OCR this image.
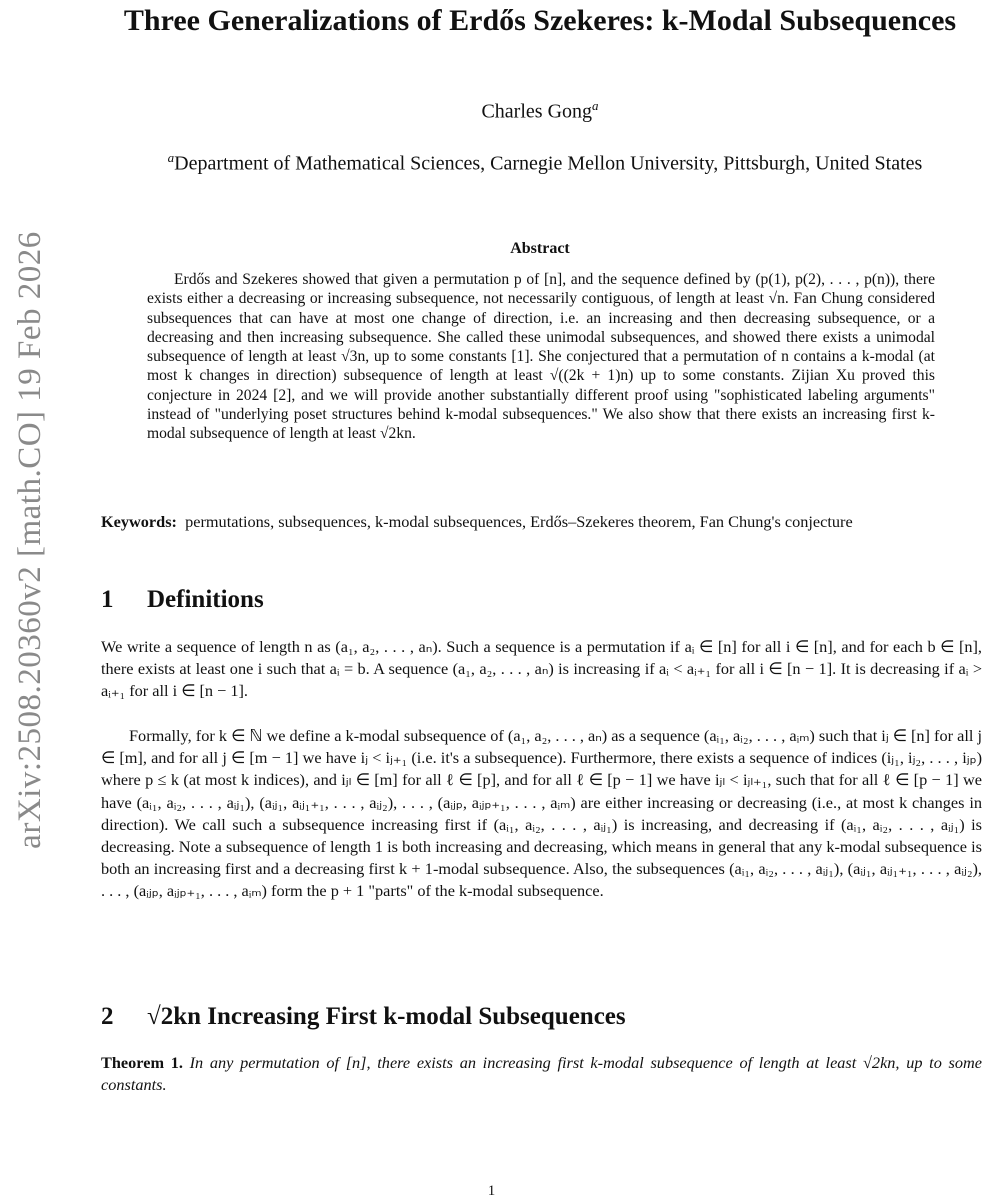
arXiv:2508.20360v2 [math.CO] 19 Feb 2026
Three Generalizations of Erdős Szekeres: k-Modal Subsequences
Charles Gong$^a$
$^a$Department of Mathematical Sciences, Carnegie Mellon University, Pittsburgh, United States
Abstract

Erdős and Szekeres showed that given a permutation p of [n], and the sequence defined by (p(1), p(2), . . . , p(n)), there exists either a decreasing or increasing subsequence, not necessarily contiguous, of length at least √n. Fan Chung considered subsequences that can have at most one change of direction, i.e. an increasing and then decreasing subsequence, or a decreasing and then increasing subsequence. She called these unimodal subsequences, and showed there exists a unimodal subsequence of length at least √3n, up to some constants [1]. She conjectured that a permutation of n contains a k-modal (at most k changes in direction) subsequence of length at least √((2k + 1)n) up to some constants. Zijian Xu proved this conjecture in 2024 [2], and we will provide another substantially different proof using "sophisticated labeling arguments" instead of "underlying poset structures behind k-modal subsequences." We also show that there exists an increasing first k-modal subsequence of length at least √2kn.

Keywords: permutations, subsequences, k-modal subsequences, Erdős–Szekeres theorem, Fan Chung's conjecture
1 Definitions
We write a sequence of length n as (a₁, a₂, . . . , aₙ). Such a sequence is a permutation if aᵢ ∈ [n] for all i ∈ [n], and for each b ∈ [n], there exists at least one i such that aᵢ = b. A sequence (a₁, a₂, . . . , aₙ) is increasing if aᵢ < aᵢ₊₁ for all i ∈ [n − 1]. It is decreasing if aᵢ > aᵢ₊₁ for all i ∈ [n − 1].
Formally, for k ∈ ℕ we define a k-modal subsequence of (a₁, a₂, . . . , aₙ) as a sequence (aᵢ₁, aᵢ₂, . . . , aᵢₘ) such that iⱼ ∈ [n] for all j ∈ [m], and for all j ∈ [m − 1] we have iⱼ < iⱼ₊₁ (i.e. it's a subsequence). Furthermore, there exists a sequence of indices (iⱼ₁, iⱼ₂, . . . , iⱼₚ) where p ≤ k (at most k indices), and iⱼₗ ∈ [m] for all ℓ ∈ [p], and for all ℓ ∈ [p − 1] we have iⱼₗ < iⱼₗ₊₁, such that for all ℓ ∈ [p − 1] we have (aᵢ₁, aᵢ₂, . . . , aᵢⱼ₁), (aᵢⱼ₁, aᵢⱼ₁₊₁, . . . , aᵢⱼ₂), . . . , (aᵢⱼₚ, aᵢⱼₚ₊₁, . . . , aᵢₘ) are either increasing or decreasing (i.e., at most k changes in direction). We call such a subsequence increasing first if (aᵢ₁, aᵢ₂, . . . , aᵢⱼ₁) is increasing, and decreasing if (aᵢ₁, aᵢ₂, . . . , aᵢⱼ₁) is decreasing. Note a subsequence of length 1 is both increasing and decreasing, which means in general that any k-modal subsequence is both an increasing first and a decreasing first k + 1-modal subsequence. Also, the subsequences (aᵢ₁, aᵢ₂, . . . , aᵢⱼ₁), (aᵢⱼ₁, aᵢⱼ₁₊₁, . . . , aᵢⱼ₂), . . . , (aᵢⱼₚ, aᵢⱼₚ₊₁, . . . , aᵢₘ) form the p + 1 "parts" of the k-modal subsequence.
2 √2kn Increasing First k-modal Subsequences
Theorem 1. In any permutation of [n], there exists an increasing first k-modal subsequence of length at least √2kn, up to some constants.
1
